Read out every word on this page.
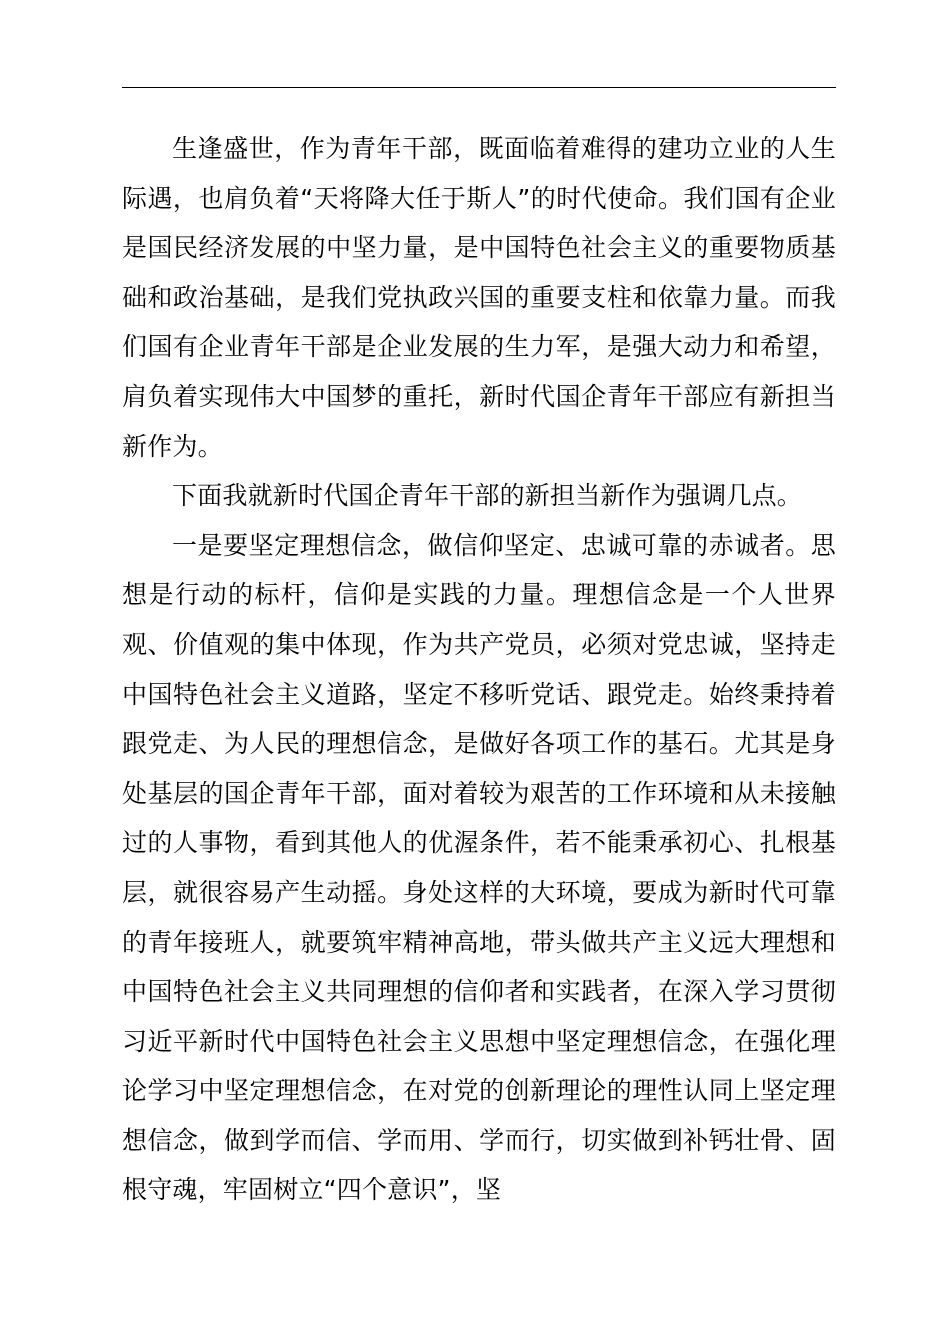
生逢盛世，作为青年干部，既面临着难得的建功立业的人生际遇，也肩负着“天将降大任于斯人”的时代使命。我们国有企业是国民经济发展的中坚力量，是中国特色社会主义的重要物质基础和政治基础，是我们党执政兴国的重要支柱和依靠力量。而我们国有企业青年干部是企业发展的生力军，是强大动力和希望，肩负着实现伟大中国梦的重托，新时代国企青年干部应有新担当新作为。

下面我就新时代国企青年干部的新担当新作为强调几点。

一是要坚定理想信念，做信仰坚定、忠诚可靠的赤诚者。思想是行动的标杆，信仰是实践的力量。理想信念是一个人世界观、价值观的集中体现，作为共产党员，必须对党忠诚，坚持走中国特色社会主义道路，坚定不移听党话、跟党走。始终秉持着跟党走、为人民的理想信念，是做好各项工作的基石。尤其是身处基层的国企青年干部，面对着较为艰苦的工作环境和从未接触过的人事物，看到其他人的优渥条件，若不能秉承初心、扎根基层，就很容易产生动摇。身处这样的大环境，要成为新时代可靠的青年接班人，就要筑牢精神高地，带头做共产主义远大理想和中国特色社会主义共同理想的信仰者和实践者，在深入学习贯彻习近平新时代中国特色社会主义思想中坚定理想信念，在强化理论学习中坚定理想信念，在对党的创新理论的理性认同上坚定理想信念，做到学而信、学而用、学而行，切实做到补钙壮骨、固根守魂，牢固树立“四个意识”，坚
